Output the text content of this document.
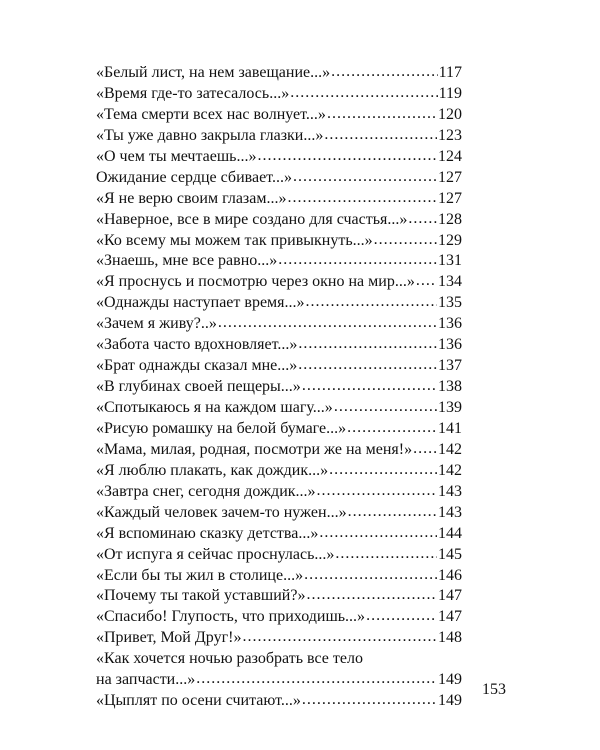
«Белый лист, на нем завещание...» .....	117
«Время где-то затесалось...» .....	119
«Тема смерти всех нас волнует...» .....	120
«Ты уже давно закрыла глазки...» .....	123
«О чем ты мечтаешь...» .....	124
Ожидание сердце сбивает...» .....	127
«Я не верю своим глазам...» .....	127
«Наверное, все в мире создано для счастья...» ..... 128
«Ко всему мы можем так привыкнуть...» .....	129
«Знаешь, мне все равно...» .....	131
«Я проснусь и посмотрю через окно на мир...» ..... 134
«Однажды наступает время...» .....	135
«Зачем я живу?..» .....	136
«Забота часто вдохновляет...» .....	136
«Брат однажды сказал мне...» .....	137
«В глубинах своей пещеры...» .....	138
«Спотыкаюсь я на каждом шагу...» .....	139
«Рисую ромашку на белой бумаге...» .....	141
«Мама, милая, родная, посмотри же на меня!» ..... 142
«Я люблю плакать, как дождик...» .....	142
«Завтра снег, сегодня дождик...» .....	143
«Каждый человек зачем-то нужен...» .....	143
«Я вспоминаю сказку детства...» .....	144
«От испуга я сейчас проснулась...» .....	145
«Если бы ты жил в столице...» .....	146
«Почему ты такой уставший?» .....	147
«Спасибо! Глупость, что приходишь...» .....	147
«Привет, Мой Друг!» .....	148
«Как хочется ночью разобрать все тело
на запчасти...» .....	149
«Цыплят по осени считают...» .....	149
153
